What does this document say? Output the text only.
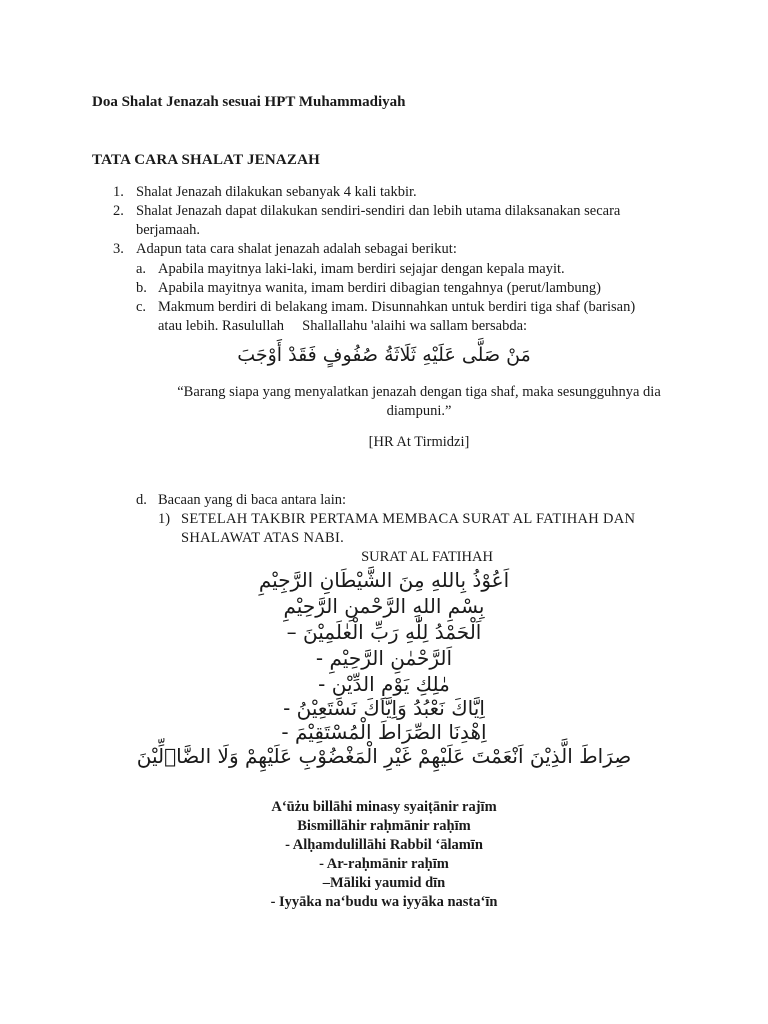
Doa Shalat Jenazah sesuai HPT Muhammadiyah
TATA CARA SHALAT JENAZAH
1. Shalat Jenazah dilakukan sebanyak 4 kali takbir.
2. Shalat Jenazah dapat dilakukan sendiri-sendiri dan lebih utama dilaksanakan secara
berjamaah.
3. Adapun tata cara shalat jenazah adalah sebagai berikut:
a. Apabila mayitnya laki-laki, imam berdiri sejajar dengan kepala mayit.
b. Apabila mayitnya wanita, imam berdiri dibagian tengahnya (perut/lambung)
c. Makmum berdiri di belakang imam. Disunnahkan untuk berdiri tiga shaf (barisan)
atau lebih. Rasulullah     Shallallahu 'alaihi wa sallam bersabda:
مَنْ صَلَّى عَلَيْهِ ثَلَاثَةُ صُفُوفٍ فَقَدْ أَوْجَبَ
“Barang siapa yang menyalatkan jenazah dengan tiga shaf, maka sesungguhnya dia
diampuni.”
[HR At Tirmidzi]
d. Bacaan yang di baca antara lain:
1) SETELAH TAKBIR PERTAMA MEMBACA SURAT AL FATIHAH DAN
SHALAWAT ATAS NABI.
SURAT AL FATIHAH
اَعُوْذُ بِاللهِ مِنَ الشَّيْطَانِ الرَّجِيْمِ
بِسْمِ اللهِ الرَّحْمنِ الرَّحِيْمِ
اَلْحَمْدُ لِلّٰهِ رَبِّ الْعٰلَمِيْنَ –
اَلرَّحْمٰنِ الرَّحِيْمِ -
مٰلِكِ يَوْمِ الدِّيْنِ -
اِيَّاكَ نَعْبُدُ وَاِيَّاكَ نَسْتَعِيْنُ -
اِهْدِنَا الصِّرَاطَ الْمُسْتَقِيْمَ -
صِرَاطَ الَّذِيْنَ اَنْعَمْتَ عَلَيْهِمْ غَيْرِ الْمَغْضُوْبِ عَلَيْهِمْ وَلَا الضَّاۤلِّيْنَ
A‘ūżu billāhi minasy syaiṭānir rajīm
Bismillāhir raḥmānir raḥīm
- Alḥamdulillāhi Rabbil ‘ālamīn
- Ar-raḥmānir raḥīm
–Māliki yaumid dīn
- Iyyāka na‘budu wa iyyāka nasta‘īn
